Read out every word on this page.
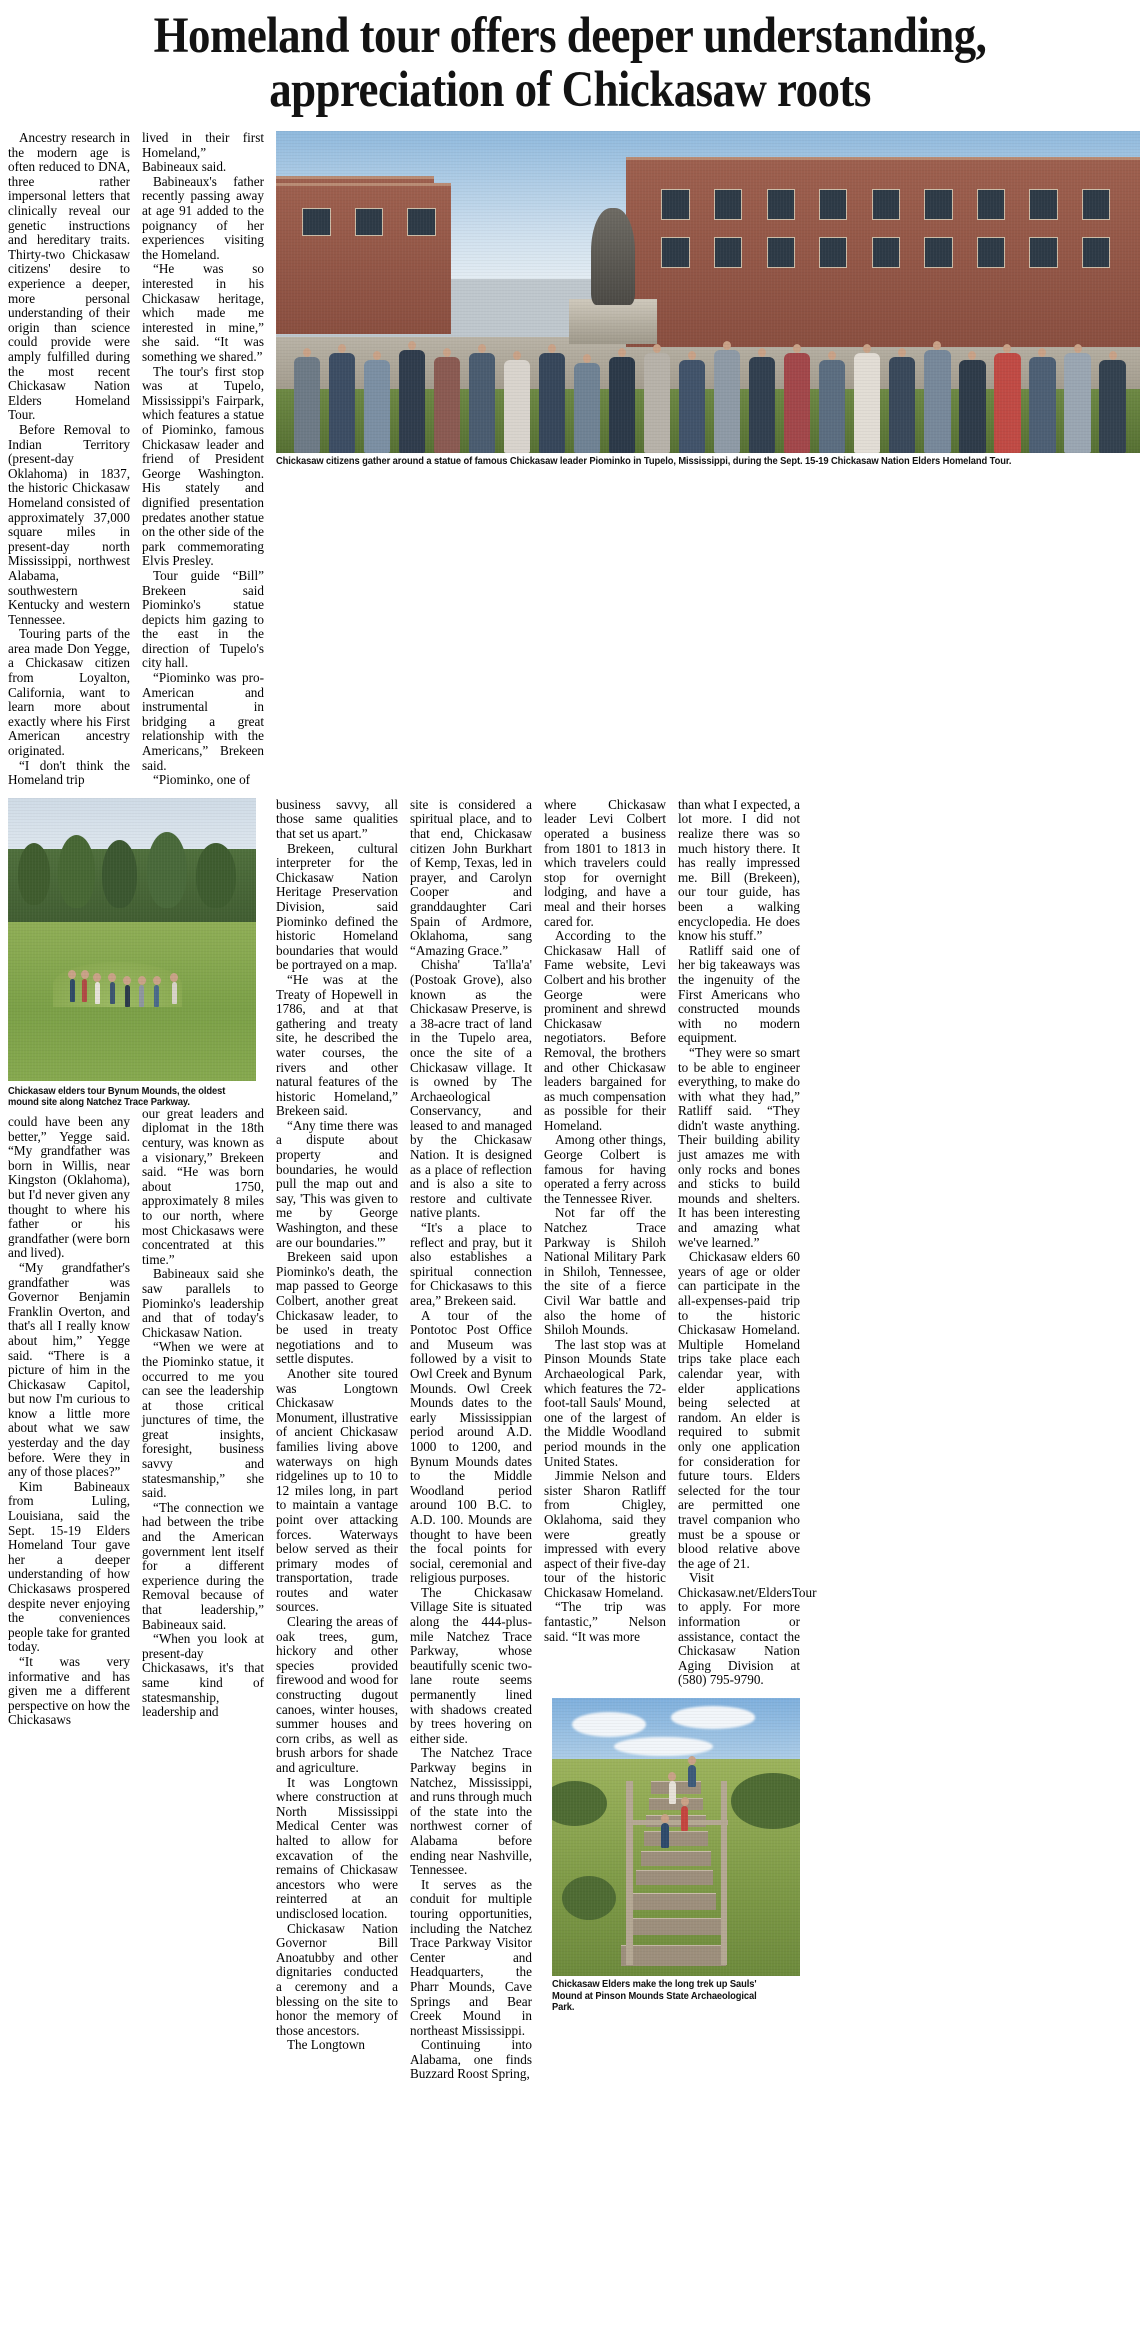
Homeland tour offers deeper understanding,
appreciation of Chickasaw roots

Ancestry research in the modern age is often reduced to DNA, three rather impersonal letters that clinically reveal our genetic instructions and hereditary traits. Thirty-two Chickasaw citizens' desire to experience a deeper, more personal understanding of their origin than science could provide were amply fulfilled during the most recent Chickasaw Nation Elders Homeland Tour.

Before Removal to Indian Territory (present-day Oklahoma) in 1837, the historic Chickasaw Homeland consisted of approximately 37,000 square miles in present-day north Mississippi, northwest Alabama, southwestern Kentucky and western Tennessee.

Touring parts of the area made Don Yegge, a Chickasaw citizen from Loyalton, California, want to learn more about exactly where his First American ancestry originated.

“I don't think the Homeland trip

lived in their first Homeland,” Babineaux said.

Babineaux's father recently passing away at age 91 added to the poignancy of her experiences visiting the Homeland.

“He was so interested in his Chickasaw heritage, which made me interested in mine,” she said. “It was something we shared.”

The tour's first stop was at Tupelo, Mississippi's Fairpark, which features a statue of Piominko, famous Chickasaw leader and friend of President George Washington. His stately and dignified presentation predates another statue on the other side of the park commemorating Elvis Presley.

Tour guide “Bill” Brekeen said Piominko's statue depicts him gazing to the east in the direction of Tupelo's city hall.

“Piominko was pro-American and instrumental in bridging a great relationship with the Americans,” Brekeen said.

“Piominko, one of

Chickasaw citizens gather around a statue of famous Chickasaw leader Piominko in Tupelo, Mississippi, during the Sept. 15-19 Chickasaw Nation Elders Homeland Tour.
Chickasaw elders tour Bynum Mounds, the oldest mound site along Natchez Trace Parkway.

could have been any better,” Yegge said. “My grandfather was born in Willis, near Kingston (Oklahoma), but I'd never given any thought to where his father or his grandfather (were born and lived).

“My grandfather's grandfather was Governor Benjamin Franklin Overton, and that's all I really know about him,” Yegge said. “There is a picture of him in the Chickasaw Capitol, but now I'm curious to know a little more about what we saw yesterday and the day before. Were they in any of those places?”

Kim Babineaux from Luling, Louisiana, said the Sept. 15-19 Elders Homeland Tour gave her a deeper understanding of how Chickasaws prospered despite never enjoying the conveniences people take for granted today.

“It was very informative and has given me a different perspective on how the Chickasaws

our great leaders and diplomat in the 18th century, was known as a visionary,” Brekeen said. “He was born about 1750, approximately 8 miles to our north, where most Chickasaws were concentrated at this time.”

Babineaux said she saw parallels to Piominko's leadership and that of today's Chickasaw Nation.

“When we were at the Piominko statue, it occurred to me you can see the leadership at those critical junctures of time, the great insights, foresight, business savvy and statesmanship,” she said.

“The connection we had between the tribe and the American government lent itself for a different experience during the Removal because of that leadership,” Babineaux said.

“When you look at present-day Chickasaws, it's that same kind of statesmanship, leadership and

business savvy, all those same qualities that set us apart.”

Brekeen, cultural interpreter for the Chickasaw Nation Heritage Preservation Division, said Piominko defined the historic Homeland boundaries that would be portrayed on a map.

“He was at the Treaty of Hopewell in 1786, and at that gathering and treaty site, he described the water courses, the rivers and other natural features of the historic Homeland,” Brekeen said.

“Any time there was a dispute about property and boundaries, he would pull the map out and say, 'This was given to me by George Washington, and these are our boundaries.'”

Brekeen said upon Piominko's death, the map passed to George Colbert, another great Chickasaw leader, to be used in treaty negotiations and to settle disputes.

Another site toured was Longtown Chickasaw Monument, illustrative of ancient Chickasaw families living above waterways on high ridgelines up to 10 to 12 miles long, in part to maintain a vantage point over attacking forces. Waterways below served as their primary modes of transportation, trade routes and water sources.

Clearing the areas of oak trees, gum, hickory and other species provided firewood and wood for constructing dugout canoes, winter houses, summer houses and corn cribs, as well as brush arbors for shade and agriculture.

It was Longtown where construction at North Mississippi Medical Center was halted to allow for excavation of the remains of Chickasaw ancestors who were reinterred at an undisclosed location.

Chickasaw Nation Governor Bill Anoatubby and other dignitaries conducted a ceremony and a blessing on the site to honor the memory of those ancestors.

The Longtown

site is considered a spiritual place, and to that end, Chickasaw citizen John Burkhart of Kemp, Texas, led in prayer, and Carolyn Cooper and granddaughter Cari Spain of Ardmore, Oklahoma, sang “Amazing Grace.”

Chisha' Ta'lla'a' (Postoak Grove), also known as the Chickasaw Preserve, is a 38-acre tract of land in the Tupelo area, once the site of a Chickasaw village. It is owned by The Archaeological Conservancy, and leased to and managed by the Chickasaw Nation. It is designed as a place of reflection and is also a site to restore and cultivate native plants.

“It's a place to reflect and pray, but it also establishes a spiritual connection for Chickasaws to this area,” Brekeen said.

A tour of the Pontotoc Post Office and Museum was followed by a visit to Owl Creek and Bynum Mounds. Owl Creek Mounds dates to the early Mississippian period around A.D. 1000 to 1200, and Bynum Mounds dates to the Middle Woodland period around 100 B.C. to A.D. 100. Mounds are thought to have been the focal points for social, ceremonial and religious purposes.

The Chickasaw Village Site is situated along the 444-plus-mile Natchez Trace Parkway, whose beautifully scenic two-lane route seems permanently lined with shadows created by trees hovering on either side.

The Natchez Trace Parkway begins in Natchez, Mississippi, and runs through much of the state into the northwest corner of Alabama before ending near Nashville, Tennessee.

It serves as the conduit for multiple touring opportunities, including the Natchez Trace Parkway Visitor Center and Headquarters, the Pharr Mounds, Cave Springs and Bear Creek Mound in northeast Mississippi.

Continuing into Alabama, one finds Buzzard Roost Spring,

where Chickasaw leader Levi Colbert operated a business from 1801 to 1813 in which travelers could stop for overnight lodging, and have a meal and their horses cared for.

According to the Chickasaw Hall of Fame website, Levi Colbert and his brother George were prominent and shrewd Chickasaw negotiators. Before Removal, the brothers and other Chickasaw leaders bargained for as much compensation as possible for their Homeland.

Among other things, George Colbert is famous for having operated a ferry across the Tennessee River.

Not far off the Natchez Trace Parkway is Shiloh National Military Park in Shiloh, Tennessee, the site of a fierce Civil War battle and also the home of Shiloh Mounds.

The last stop was at Pinson Mounds State Archaeological Park, which features the 72-foot-tall Sauls' Mound, one of the largest of the Middle Woodland period mounds in the United States.

Jimmie Nelson and sister Sharon Ratliff from Chigley, Oklahoma, said they were greatly impressed with every aspect of their five-day tour of the historic Chickasaw Homeland.

“The trip was fantastic,” Nelson said. “It was more

than what I expected, a lot more. I did not realize there was so much history there. It has really impressed me. Bill (Brekeen), our tour guide, has been a walking encyclopedia. He does know his stuff.”

Ratliff said one of her big takeaways was the ingenuity of the First Americans who constructed mounds with no modern equipment.

“They were so smart to be able to engineer everything, to make do with what they had,” Ratliff said. “They didn't waste anything. Their building ability just amazes me with only rocks and bones and sticks to build mounds and shelters. It has been interesting and amazing what we've learned.”

Chickasaw elders 60 years of age or older can participate in the all-expenses-paid trip to the historic Chickasaw Homeland. Multiple Homeland trips take place each calendar year, with elder applications being selected at random. An elder is required to submit only one application for consideration for future tours. Elders selected for the tour are permitted one travel companion who must be a spouse or blood relative above the age of 21.

Visit Chickasaw.net/EldersTour to apply. For more information or assistance, contact the Chickasaw Nation Aging Division at (580) 795-9790.

Chickasaw Elders make the long trek up Sauls' Mound at Pinson Mounds State Archaeological Park.
